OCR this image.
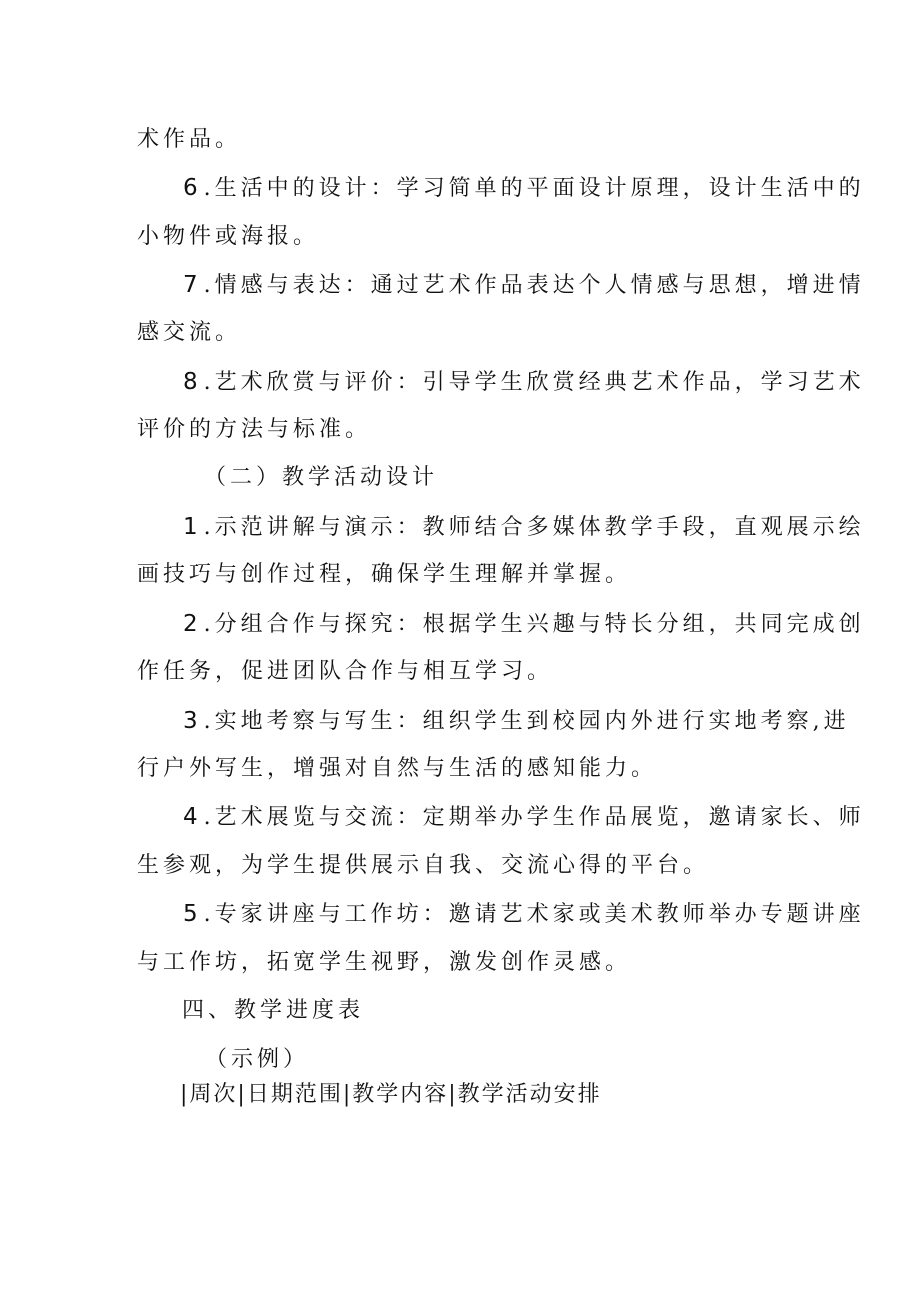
术作品。
6 .生活中的设计：学习简单的平面设计原理，设计生活中的
小物件或海报。
7 .情感与表达：通过艺术作品表达个人情感与思想，增进情
感交流。
8 .艺术欣赏与评价：引导学生欣赏经典艺术作品，学习艺术
评价的方法与标准。
（二）教学活动设计
1 .示范讲解与演示：教师结合多媒体教学手段，直观展示绘
画技巧与创作过程，确保学生理解并掌握。
2 .分组合作与探究：根据学生兴趣与特长分组，共同完成创
作任务，促进团队合作与相互学习。
3 .实地考察与写生：组织学生到校园内外进行实地考察,进
行户外写生，增强对自然与生活的感知能力。
4 .艺术展览与交流：定期举办学生作品展览，邀请家长、师
生参观，为学生提供展示自我、交流心得的平台。
5 .专家讲座与工作坊：邀请艺术家或美术教师举办专题讲座
与工作坊，拓宽学生视野，激发创作灵感。
四、教学进度表
（示例）
|周次|日期范围|教学内容|教学活动安排
